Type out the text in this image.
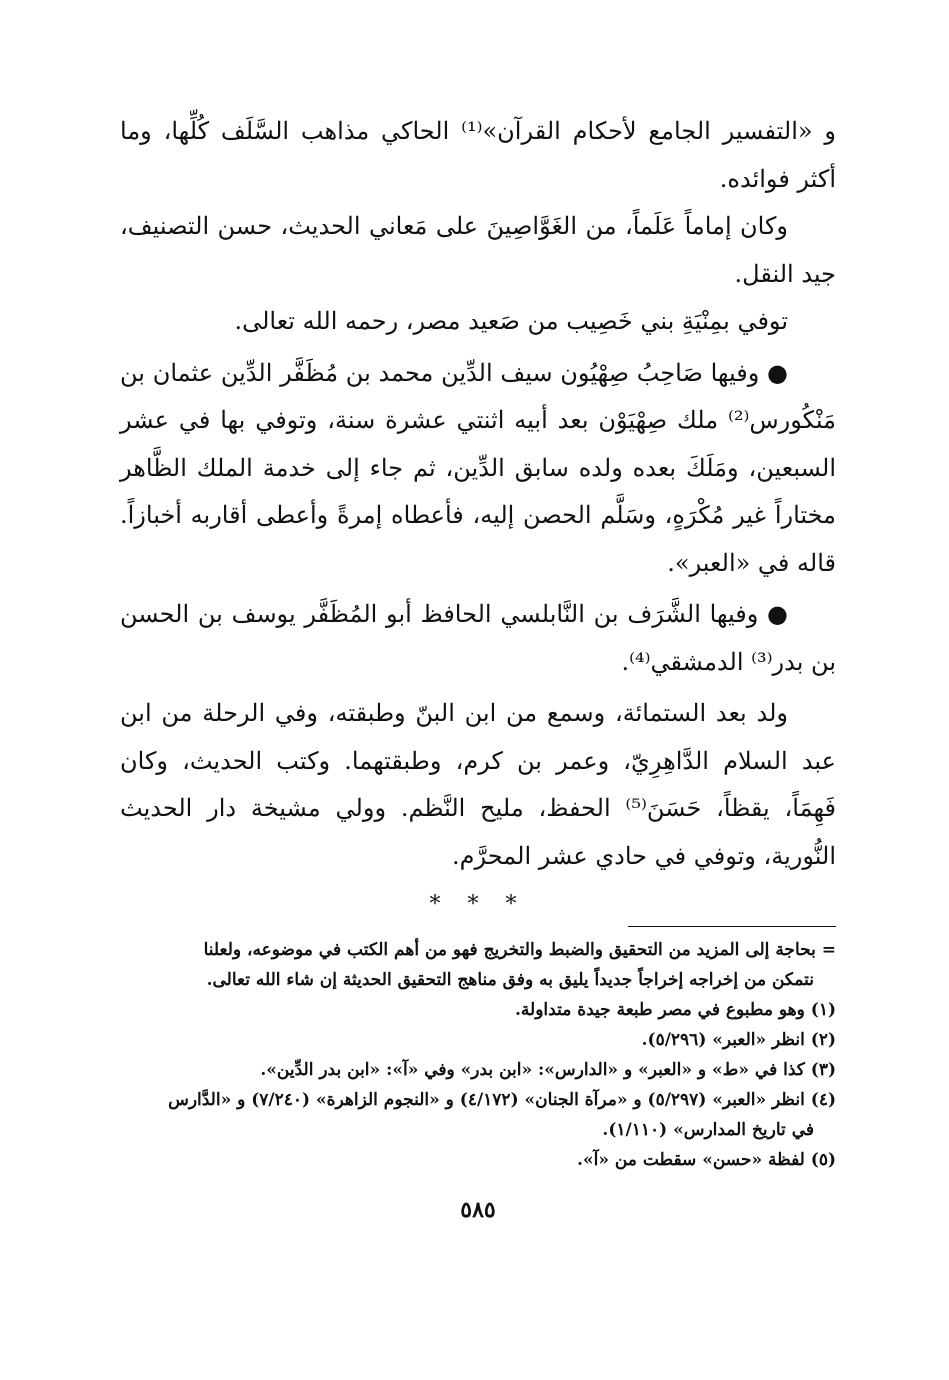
و «التفسير الجامع لأحكام القرآن»⁽¹⁾ الحاكي مذاهب السَّلَف كُلِّها، وما أكثر فوائده.

وكان إماماً عَلَماً، من الغَوَّاصِينَ على مَعاني الحديث، حسن التصنيف، جيد النقل.

توفي بمِنْيَةِ بني خَصِيب من صَعيد مصر، رحمه الله تعالى.

● وفيها صَاحِبُ صِهْيُون سيف الدِّين محمد بن مُظَفَّر الدِّين عثمان بن مَنْكُورس⁽²⁾ ملك صِهْيَوْن بعد أبيه اثنتي عشرة سنة، وتوفي بها في عشر السبعين، ومَلَكَ بعده ولده سابق الدِّين، ثم جاء إلى خدمة الملك الظَّاهر مختاراً غير مُكْرَهٍ، وسَلَّم الحصن إليه، فأعطاه إمرةً وأعطى أقاربه أخبازاً. قاله في «العبر».

● وفيها الشَّرَف بن النَّابلسي الحافظ أبو المُظَفَّر يوسف بن الحسن بن بدر⁽³⁾ الدمشقي⁽⁴⁾.

ولد بعد الستمائة، وسمع من ابن البنّ وطبقته، وفي الرحلة من ابن عبد السلام الدَّاهِرِيّ، وعمر بن كرم، وطبقتهما. وكتب الحديث، وكان فَهِمَاً، يقظاً، حَسَنَ⁽⁵⁾ الحفظ، مليح النَّظم. وولي مشيخة دار الحديث النُّورية، وتوفي في حادي عشر المحرَّم.

* * *

= بحاجة إلى المزيد من التحقيق والضبط والتخريج فهو من أهم الكتب في موضوعه، ولعلنا

نتمكن من إخراجه إخراجاً جديداً يليق به وفق مناهج التحقيق الحديثة إن شاء الله تعالى.

(١) وهو مطبوع في مصر طبعة جيدة متداولة.

(٢) انظر «العبر» (٥/٢٩٦).

(٣) كذا في «ط» و «العبر» و «الدارس»: «ابن بدر» وفي «آ»: «ابن بدر الدِّين».

(٤) انظر «العبر» (٥/٢٩٧) و «مرآة الجنان» (٤/١٧٢) و «النجوم الزاهرة» (٧/٢٤٠) و «الدَّارس

في تاريخ المدارس» (١/١١٠).

(٥) لفظة «حسن» سقطت من «آ».

٥٨٥
